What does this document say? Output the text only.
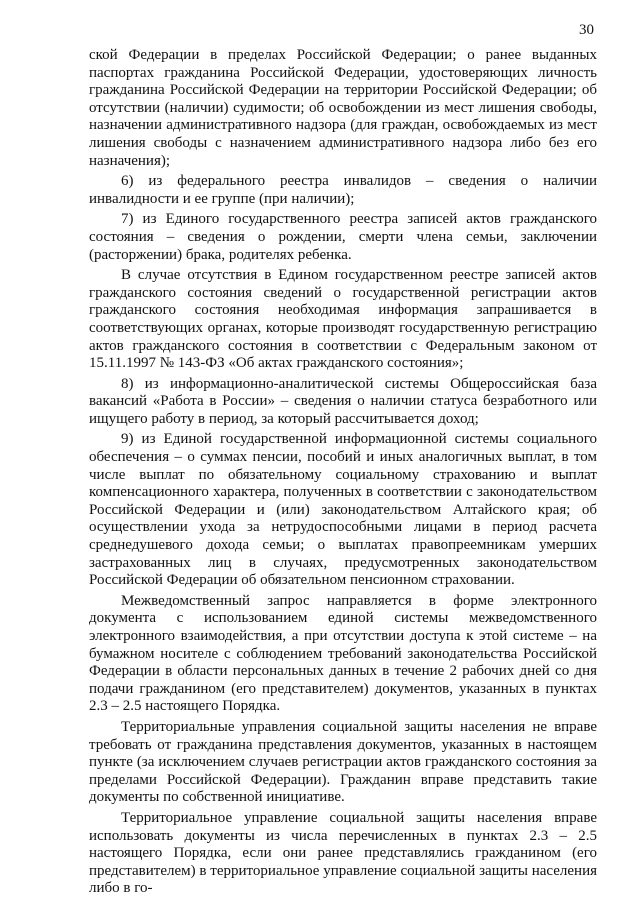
30

ской Федерации в пределах Российской Федерации; о ранее выданных паспортах гражданина Российской Федерации, удостоверяющих личность гражданина Российской Федерации на территории Российской Федерации; об отсутствии (наличии) судимости; об освобождении из мест лишения свободы, назначении административного надзора (для граждан, освобождаемых из мест лишения свободы с назначением административного надзора либо без его назначения);

6) из федерального реестра инвалидов – сведения о наличии инвалидности и ее группе (при наличии);

7) из Единого государственного реестра записей актов гражданского состояния – сведения о рождении, смерти члена семьи, заключении (расторжении) брака, родителях ребенка.

В случае отсутствия в Едином государственном реестре записей актов гражданского состояния сведений о государственной регистрации актов гражданского состояния необходимая информация запрашивается в соответствующих органах, которые производят государственную регистрацию актов гражданского состояния в соответствии с Федеральным законом от 15.11.1997 № 143-ФЗ «Об актах гражданского состояния»;

8) из информационно-аналитической системы Общероссийская база вакансий «Работа в России» – сведения о наличии статуса безработного или ищущего работу в период, за который рассчитывается доход;

9) из Единой государственной информационной системы социального обеспечения – о суммах пенсии, пособий и иных аналогичных выплат, в том числе выплат по обязательному социальному страхованию и выплат компенсационного характера, полученных в соответствии с законодательством Российской Федерации и (или) законодательством Алтайского края; об осуществлении ухода за нетрудоспособными лицами в период расчета среднедушевого дохода семьи; о выплатах правопреемникам умерших застрахованных лиц в случаях, предусмотренных законодательством Российской Федерации об обязательном пенсионном страховании.

Межведомственный запрос направляется в форме электронного документа с использованием единой системы межведомственного электронного взаимодействия, а при отсутствии доступа к этой системе – на бумажном носителе с соблюдением требований законодательства Российской Федерации в области персональных данных в течение 2 рабочих дней со дня подачи гражданином (его представителем) документов, указанных в пунктах 2.3 – 2.5 настоящего Порядка.

Территориальные управления социальной защиты населения не вправе требовать от гражданина представления документов, указанных в настоящем пункте (за исключением случаев регистрации актов гражданского состояния за пределами Российской Федерации). Гражданин вправе представить такие документы по собственной инициативе.

Территориальное управление социальной защиты населения вправе использовать документы из числа перечисленных в пунктах 2.3 – 2.5 настоящего Порядка, если они ранее представлялись гражданином (его представителем) в территориальное управление социальной защиты населения либо в го-
